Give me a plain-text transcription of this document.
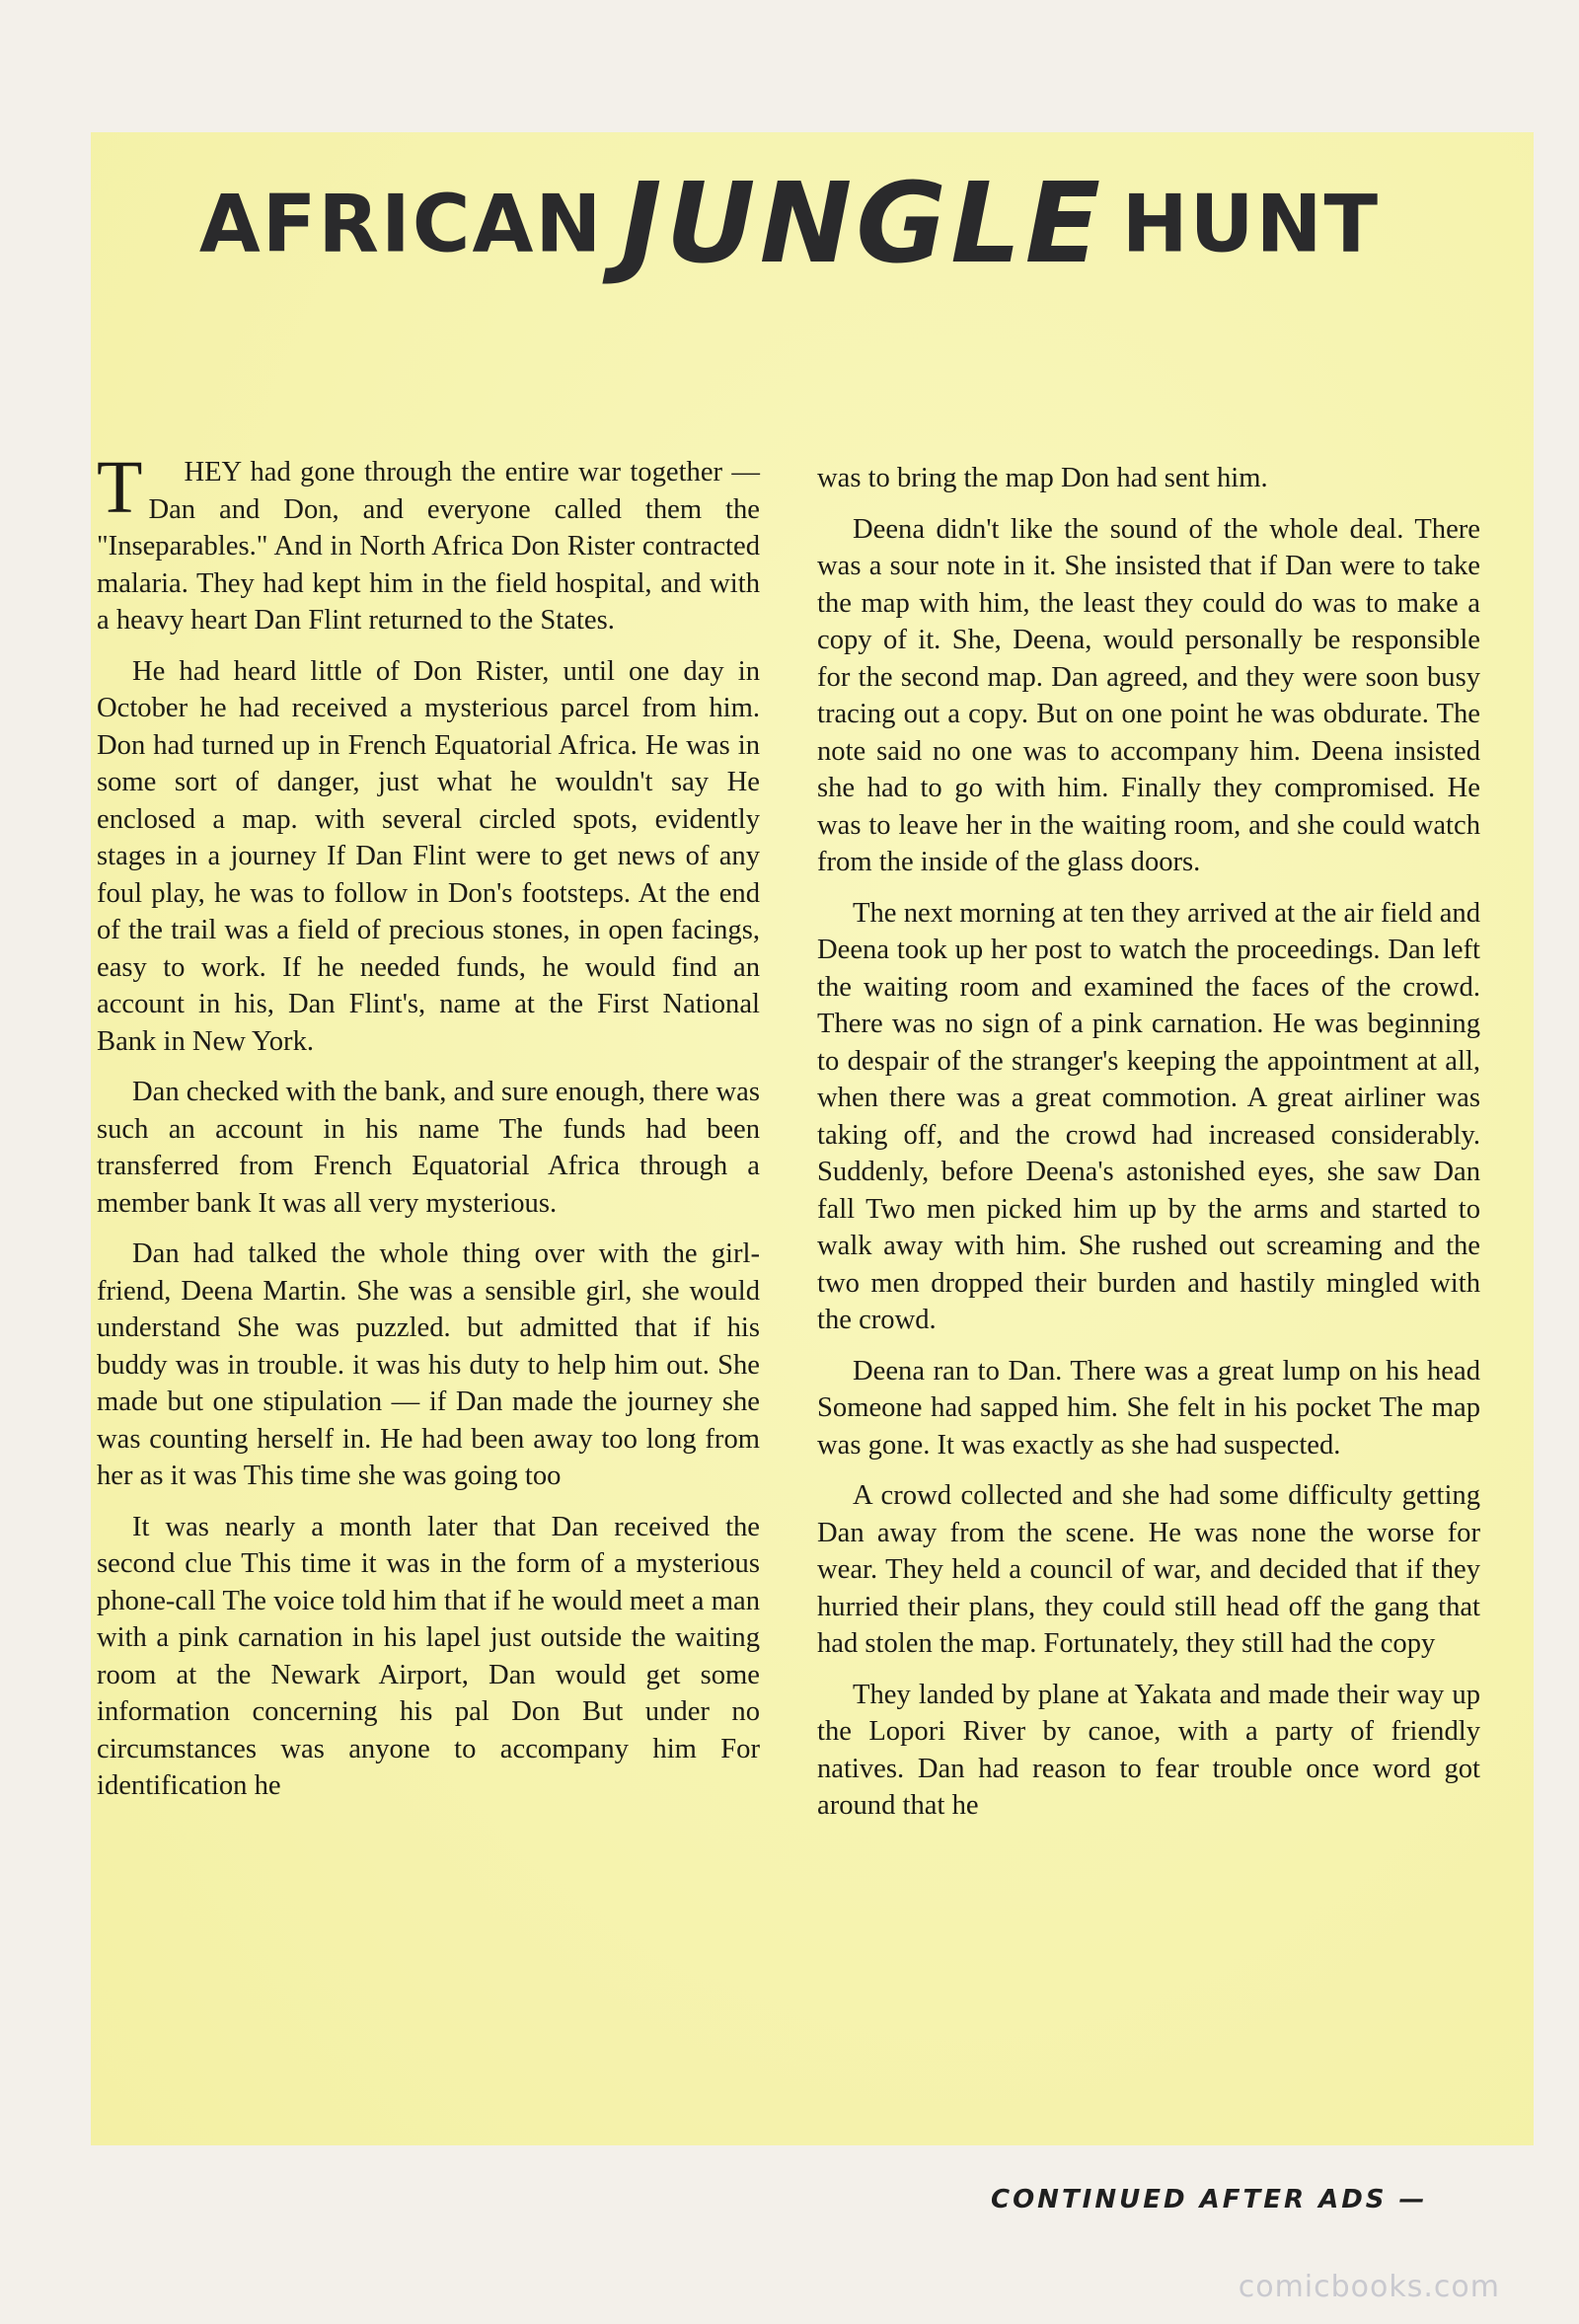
AFRICAN JUNGLE HUNT

T HEY had gone through the entire war together — Dan and Don, and everyone called them the "Inseparables." And in North Africa Don Rister contracted malaria. They had kept him in the field hospital, and with a heavy heart Dan Flint returned to the States.

He had heard little of Don Rister, until one day in October he had received a mysterious parcel from him. Don had turned up in French Equatorial Africa. He was in some sort of danger, just what he wouldn't say He enclosed a map. with several circled spots, evidently stages in a journey If Dan Flint were to get news of any foul play, he was to follow in Don's footsteps. At the end of the trail was a field of precious stones, in open facings, easy to work. If he needed funds, he would find an account in his, Dan Flint's, name at the First National Bank in New York.

Dan checked with the bank, and sure enough, there was such an account in his name The funds had been transferred from French Equatorial Africa through a member bank It was all very mysterious.

Dan had talked the whole thing over with the girl-friend, Deena Martin. She was a sensible girl, she would understand She was puzzled. but admitted that if his buddy was in trouble. it was his duty to help him out. She made but one stipulation — if Dan made the journey she was counting herself in. He had been away too long from her as it was This time she was going too

It was nearly a month later that Dan received the second clue This time it was in the form of a mysterious phone-call The voice told him that if he would meet a man with a pink carnation in his lapel just outside the waiting room at the Newark Airport, Dan would get some information concerning his pal Don But under no circumstances was anyone to accompany him For identification he

was to bring the map Don had sent him.

Deena didn't like the sound of the whole deal. There was a sour note in it. She insisted that if Dan were to take the map with him, the least they could do was to make a copy of it. She, Deena, would personally be responsible for the second map. Dan agreed, and they were soon busy tracing out a copy. But on one point he was obdurate. The note said no one was to accompany him. Deena insisted she had to go with him. Finally they compromised. He was to leave her in the waiting room, and she could watch from the inside of the glass doors.

The next morning at ten they arrived at the air field and Deena took up her post to watch the proceedings. Dan left the waiting room and examined the faces of the crowd. There was no sign of a pink carnation. He was beginning to despair of the stranger's keeping the appointment at all, when there was a great commotion. A great airliner was taking off, and the crowd had increased considerably. Suddenly, before Deena's astonished eyes, she saw Dan fall Two men picked him up by the arms and started to walk away with him. She rushed out screaming and the two men dropped their burden and hastily mingled with the crowd.

Deena ran to Dan. There was a great lump on his head Someone had sapped him. She felt in his pocket The map was gone. It was exactly as she had suspected.

A crowd collected and she had some difficulty getting Dan away from the scene. He was none the worse for wear. They held a council of war, and decided that if they hurried their plans, they could still head off the gang that had stolen the map. Fortunately, they still had the copy

They landed by plane at Yakata and made their way up the Lopori River by canoe, with a party of friendly natives. Dan had reason to fear trouble once word got around that he

CONTINUED AFTER ADS —
comicbooks.com
